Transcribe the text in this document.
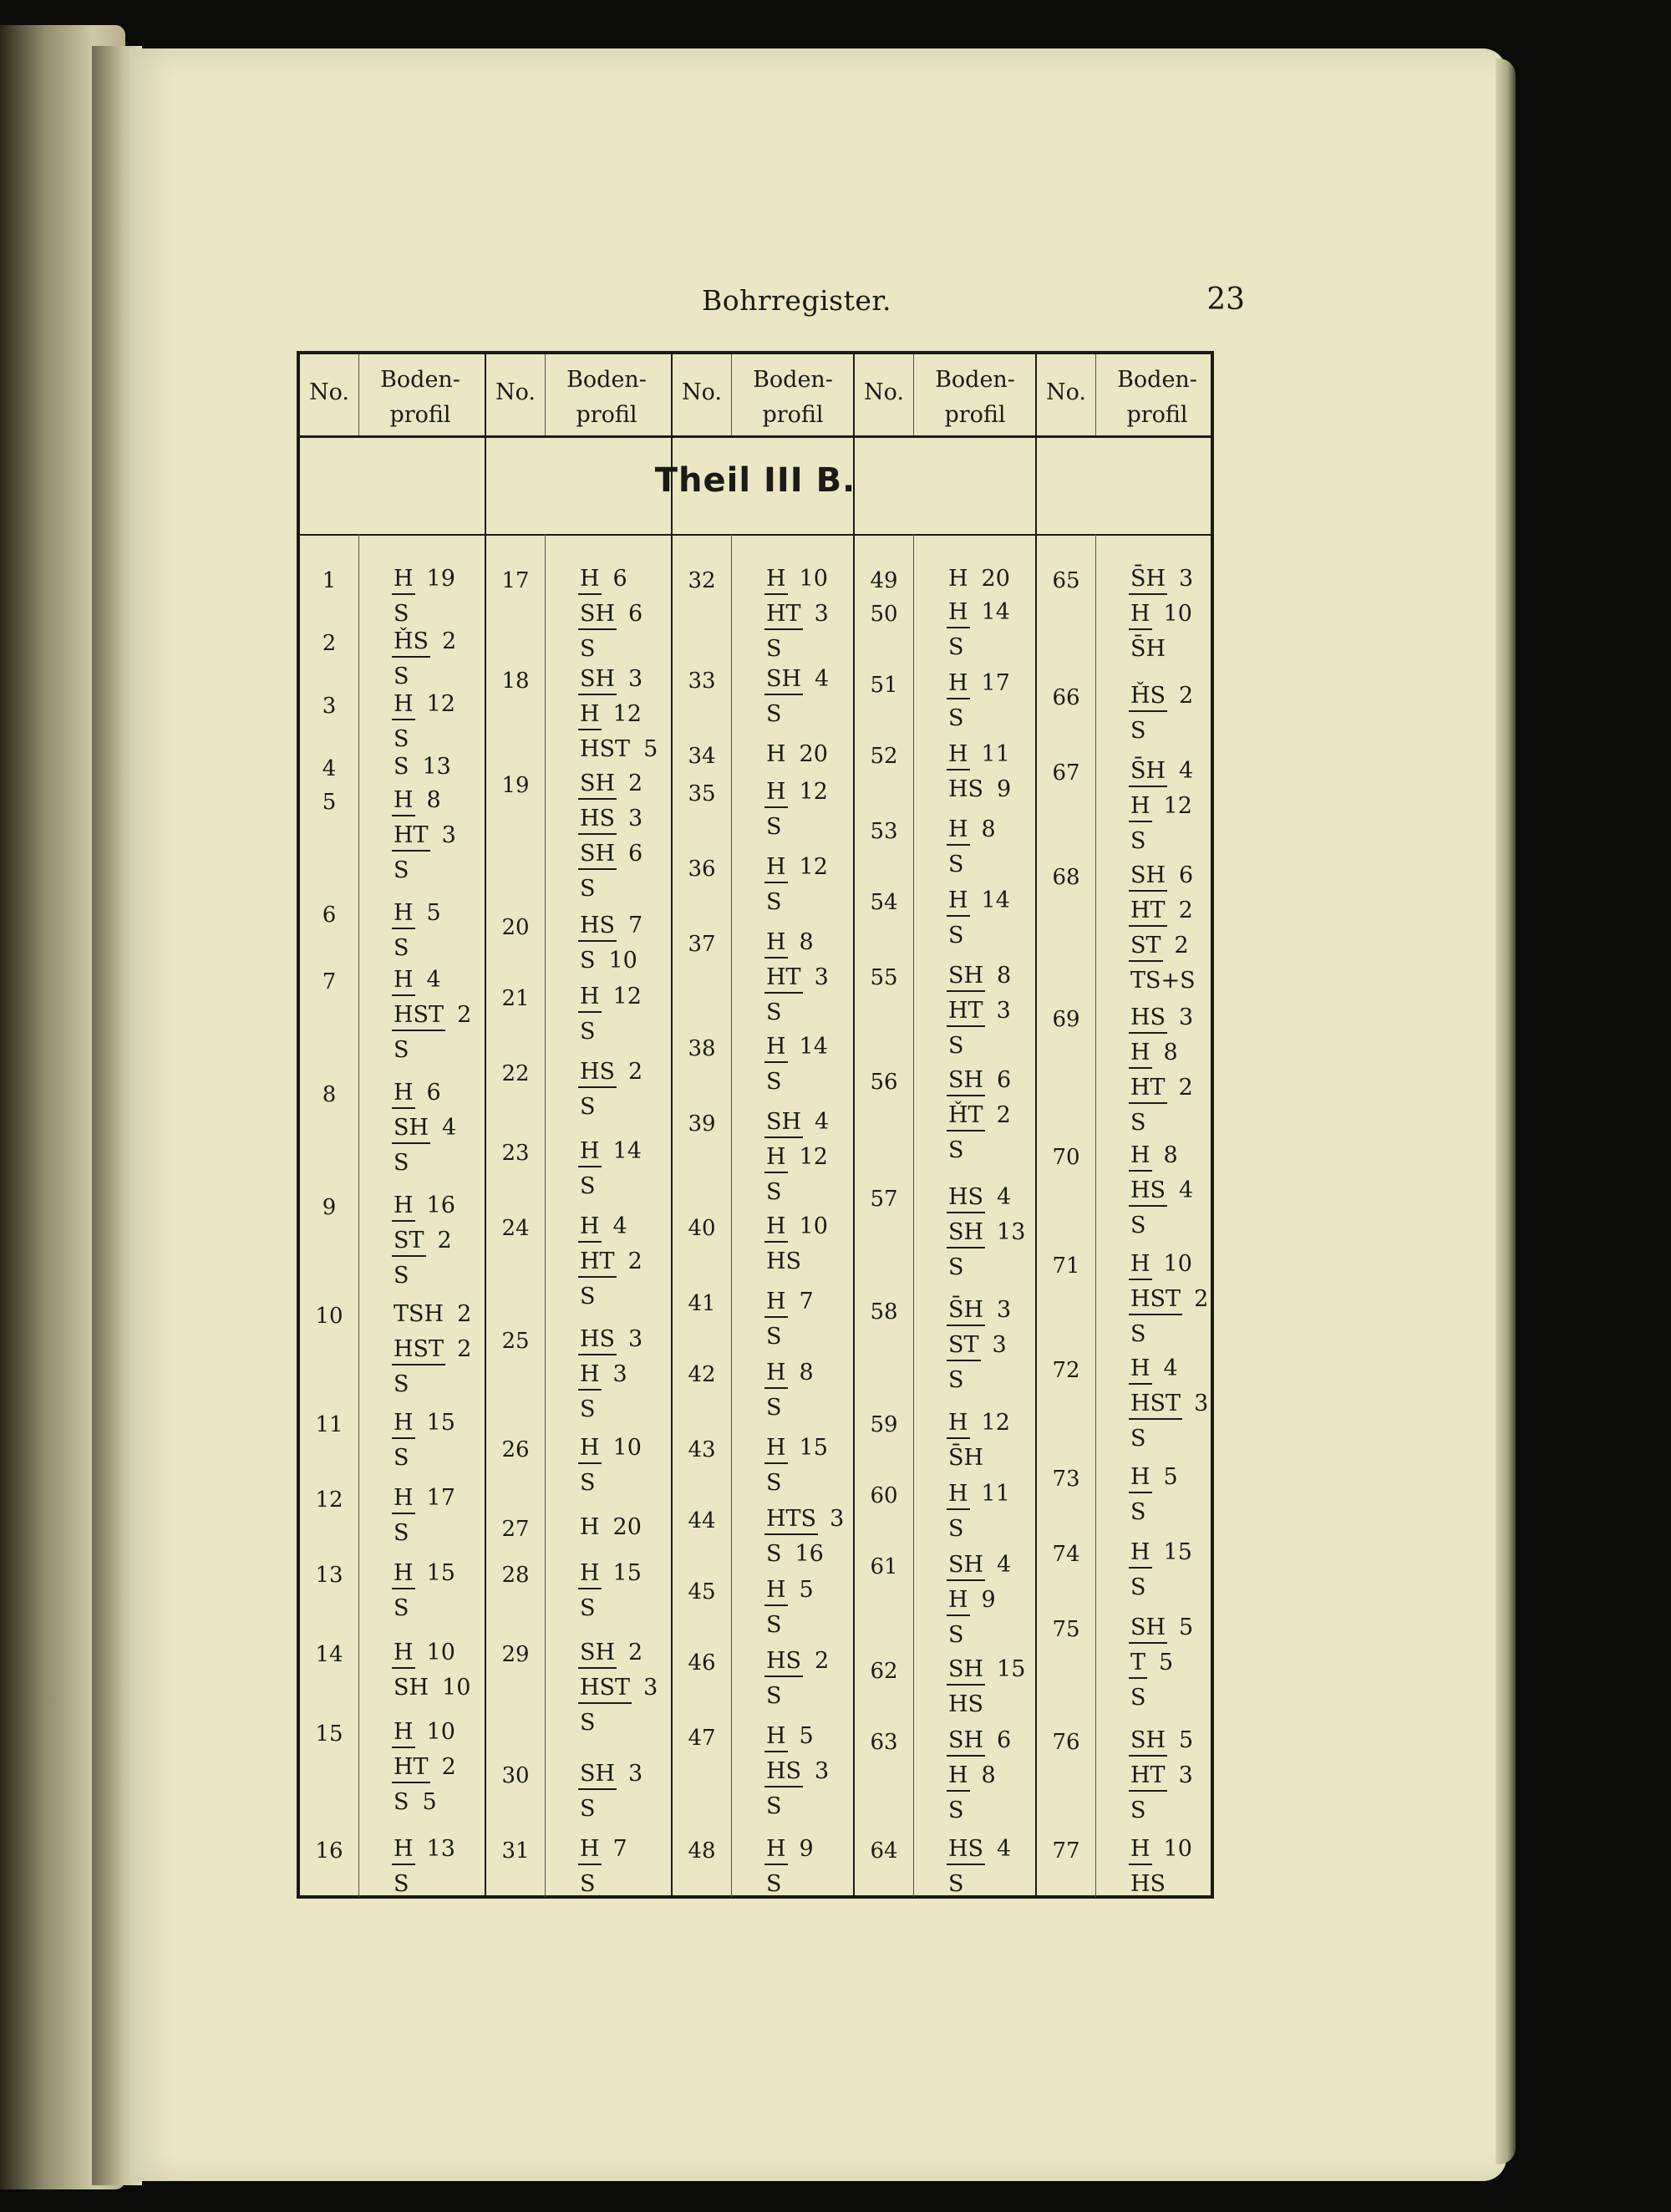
Bohrregister.	23
Theil III B.
No.	Boden-
profil
1	H 19
S
2	ȞS 2
S
3	H 12
S
4	S 13
5	H 8
HT 3
S
6	H 5
S
7	H 4
HST 2
S
8	H 6
SH 4
S
9	H 16
ST 2
S
10	TSH 2
HST 2
S
11	H 15
S
12	H 17
S
13	H 15
S
14	H 10
SH 10
15	H 10
HT 2
S 5
16	H 13
S
No.	Boden-
profil
17	H 6
SH 6
S
18	SH 3
H 12
HST 5
19	SH 2
HS 3
SH 6
S
20	HS 7
S 10
21	H 12
S
22	HS 2
S
23	H 14
S
24	H 4
HT 2
S
25	HS 3
H 3
S
26	H 10
S
27	H 20
28	H 15
S
29	SH 2
HST 3
S
30	SH 3
S
31	H 7
S
No.	Boden-
profil
32	H 10
HT 3
S
33	SH 4
S
34	H 20
35	H 12
S
36	H 12
S
37	H 8
HT 3
S
38	H 14
S
39	SH 4
H 12
S
40	H 10
HS
41	H 7
S
42	H 8
S
43	H 15
S
44	HTS 3
S 16
45	H 5
S
46	HS 2
S
47	H 5
HS 3
S
48	H 9
S
No.	Boden-
profil
49	H 20
50	H 14
S
51	H 17
S
52	H 11
HS 9
53	H 8
S
54	H 14
S
55	SH 8
HT 3
S
56	SH 6
ȞT 2
S
57	HS 4
SH 13
S
58	S̄H 3
ST 3
S
59	H 12
S̄H
60	H 11
S
61	SH 4
H 9
S
62	SH 15
HS
63	SH 6
H 8
S
64	HS 4
S
No.	Boden-
profil
65	S̄H 3
H 10
S̄H
66	ȞS 2
S
67	S̄H 4
H 12
S
68	SH 6
HT 2
ST 2
TS+S
69	HS 3
H 8
HT 2
S
70	H 8
HS 4
S
71	H 10
HST 2
S
72	H 4
HST 3
S
73	H 5
S
74	H 15
S
75	SH 5
T 5
S
76	SH 5
HT 3
S
77	H 10
HS
